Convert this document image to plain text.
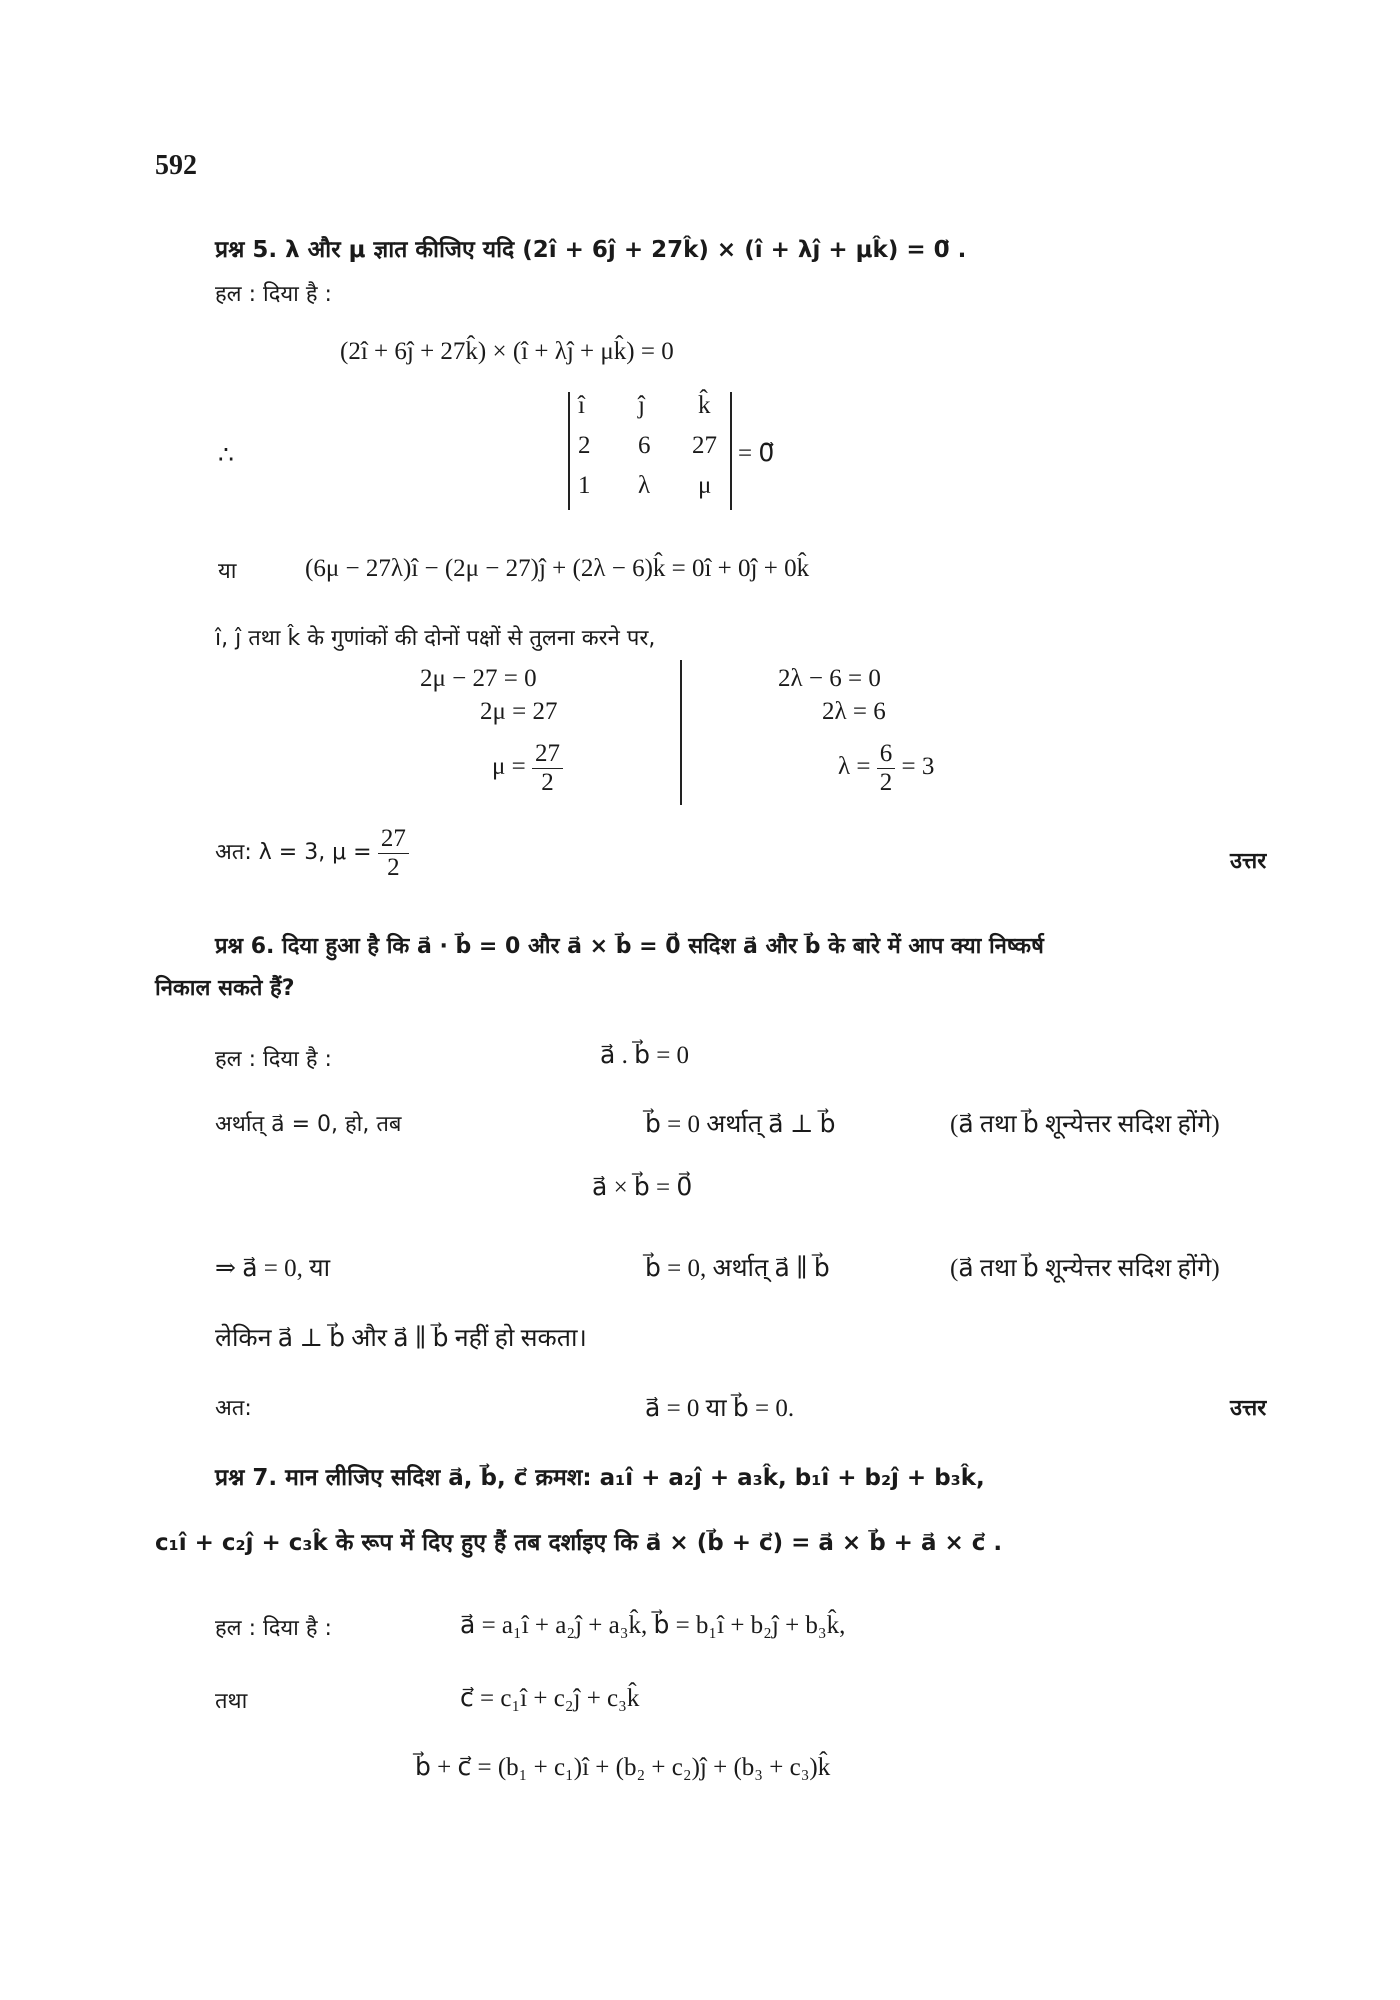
592
प्रश्न 5. λ और μ ज्ञात कीजिए यदि (2î + 6ĵ + 27k̂) × (î + λĵ + μk̂) = 0⃗ .
हल : दिया है :
(2î + 6ĵ + 27k̂) × (î + λĵ + μk̂) = 0
∴
î ĵ k̂
2 6 27
1 λ μ
= 0⃗
या	(6μ − 27λ)î − (2μ − 27)ĵ + (2λ − 6)k̂ = 0î + 0ĵ + 0k̂
î, ĵ तथा k̂ के गुणांकों की दोनों पक्षों से तुलना करने पर,
2μ − 27 = 0
2μ = 27
$\mu = \frac{27}{2}$
2λ − 6 = 0
2λ = 6
$\lambda = \frac{6}{2} = 3$
अत: λ = 3, $\mu = \frac{27}{2}$	उत्तर
प्रश्न 6. दिया हुआ है कि a⃗ · b⃗ = 0 और a⃗ × b⃗ = 0⃗ सदिश a⃗ और b⃗ के बारे में आप क्या निष्कर्ष
निकाल सकते हैं?
हल : दिया है :	a⃗ . b⃗ = 0
अर्थात् a⃗ = 0, हो, तब	b⃗ = 0 अर्थात् a⃗ ⊥ b⃗	(a⃗ तथा b⃗ शून्येत्तर सदिश होंगे)
a⃗ × b⃗ = 0⃗
⇒ a⃗ = 0, या	b⃗ = 0, अर्थात् a⃗ ∥ b⃗	(a⃗ तथा b⃗ शून्येत्तर सदिश होंगे)
लेकिन a⃗ ⊥ b⃗ और a⃗ ∥ b⃗ नहीं हो सकता।
अत:	a⃗ = 0 या b⃗ = 0.	उत्तर
प्रश्न 7. मान लीजिए सदिश a⃗, b⃗, c⃗ क्रमश: a₁î + a₂ĵ + a₃k̂, b₁î + b₂ĵ + b₃k̂,
c₁î + c₂ĵ + c₃k̂ के रूप में दिए हुए हैं तब दर्शाइए कि a⃗ × (b⃗ + c⃗) = a⃗ × b⃗ + a⃗ × c⃗ .
हल : दिया है :	a⃗ = a₁î + a₂ĵ + a₃k̂, b⃗ = b₁î + b₂ĵ + b₃k̂,
तथा	c⃗ = c₁î + c₂ĵ + c₃k̂
b⃗ + c⃗ = (b₁ + c₁)î + (b₂ + c₂)ĵ + (b₃ + c₃)k̂
